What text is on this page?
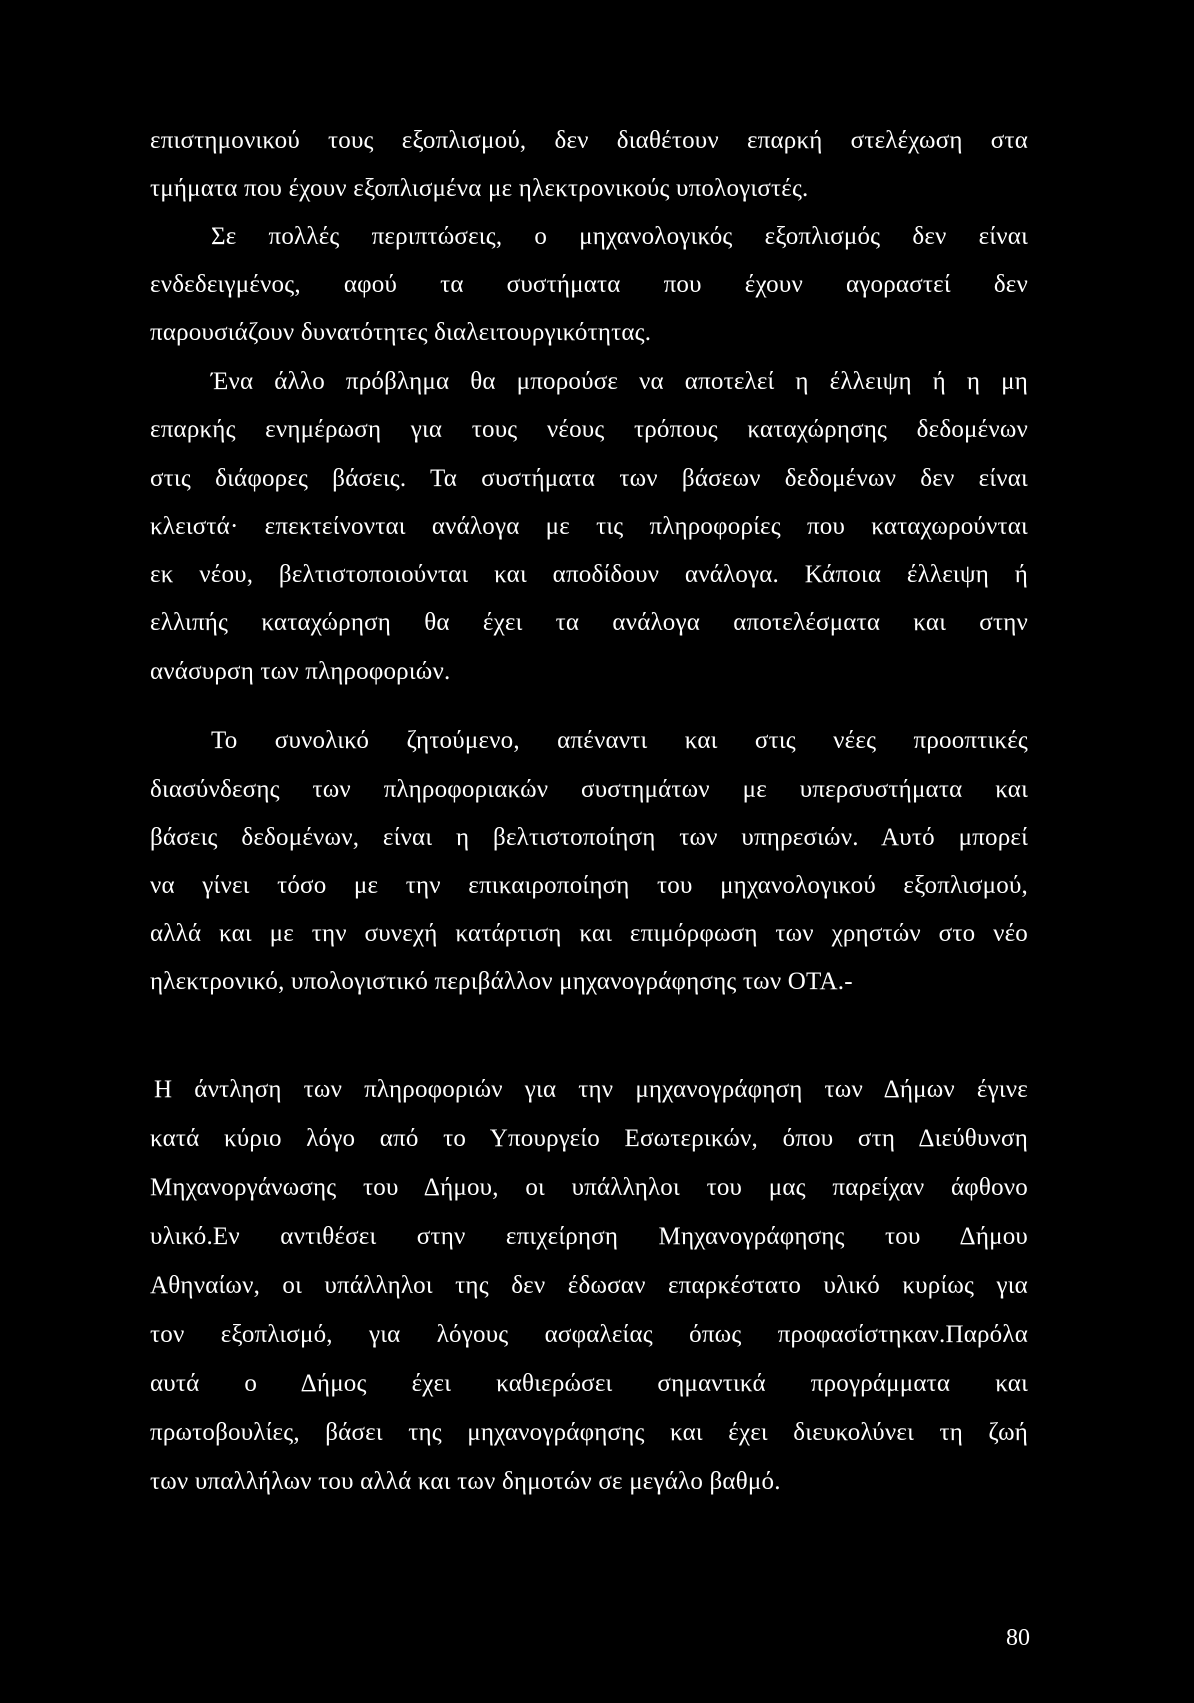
επιστημονικού τους εξοπλισμού, δεν διαθέτουν επαρκή στελέχωση στα
τμήματα που έχουν εξοπλισμένα με ηλεκτρονικούς υπολογιστές.
Σε πολλές περιπτώσεις, ο μηχανολογικός εξοπλισμός δεν είναι
ενδεδειγμένος, αφού τα συστήματα που έχουν αγοραστεί δεν
παρουσιάζουν δυνατότητες διαλειτουργικότητας.
Ένα άλλο πρόβλημα θα μπορούσε να αποτελεί η έλλειψη ή η μη
επαρκής ενημέρωση για τους νέους τρόπους καταχώρησης δεδομένων
στις διάφορες βάσεις. Τα συστήματα των βάσεων δεδομένων δεν είναι
κλειστά· επεκτείνονται ανάλογα με τις πληροφορίες που καταχωρούνται
εκ νέου, βελτιστοποιούνται και αποδίδουν ανάλογα. Κάποια έλλειψη ή
ελλιπής καταχώρηση θα έχει τα ανάλογα αποτελέσματα και στην
ανάσυρση των πληροφοριών.
Το συνολικό ζητούμενο, απέναντι και στις νέες προοπτικές
διασύνδεσης των πληροφοριακών συστημάτων με υπερσυστήματα και
βάσεις δεδομένων, είναι η βελτιστοποίηση των υπηρεσιών. Αυτό μπορεί
να γίνει τόσο με την επικαιροποίηση του μηχανολογικού εξοπλισμού,
αλλά και με την συνεχή κατάρτιση και επιμόρφωση των χρηστών στο νέο
ηλεκτρονικό, υπολογιστικό περιβάλλον μηχανογράφησης των ΟΤΑ.-
Η άντληση των πληροφοριών για την μηχανογράφηση των Δήμων έγινε
κατά κύριο λόγο από το Υπουργείο Εσωτερικών, όπου στη Διεύθυνση
Μηχανοργάνωσης του Δήμου, οι υπάλληλοι του μας παρείχαν άφθονο
υλικό.Εν αντιθέσει στην επιχείρηση Μηχανογράφησης του Δήμου
Αθηναίων, οι υπάλληλοι της δεν έδωσαν επαρκέστατο υλικό κυρίως για
τον εξοπλισμό, για λόγους ασφαλείας όπως προφασίστηκαν.Παρόλα
αυτά ο Δήμος έχει καθιερώσει σημαντικά προγράμματα και
πρωτοβουλίες, βάσει της μηχανογράφησης και έχει διευκολύνει τη ζωή
των υπαλλήλων του αλλά και των δημοτών σε μεγάλο βαθμό.
80
